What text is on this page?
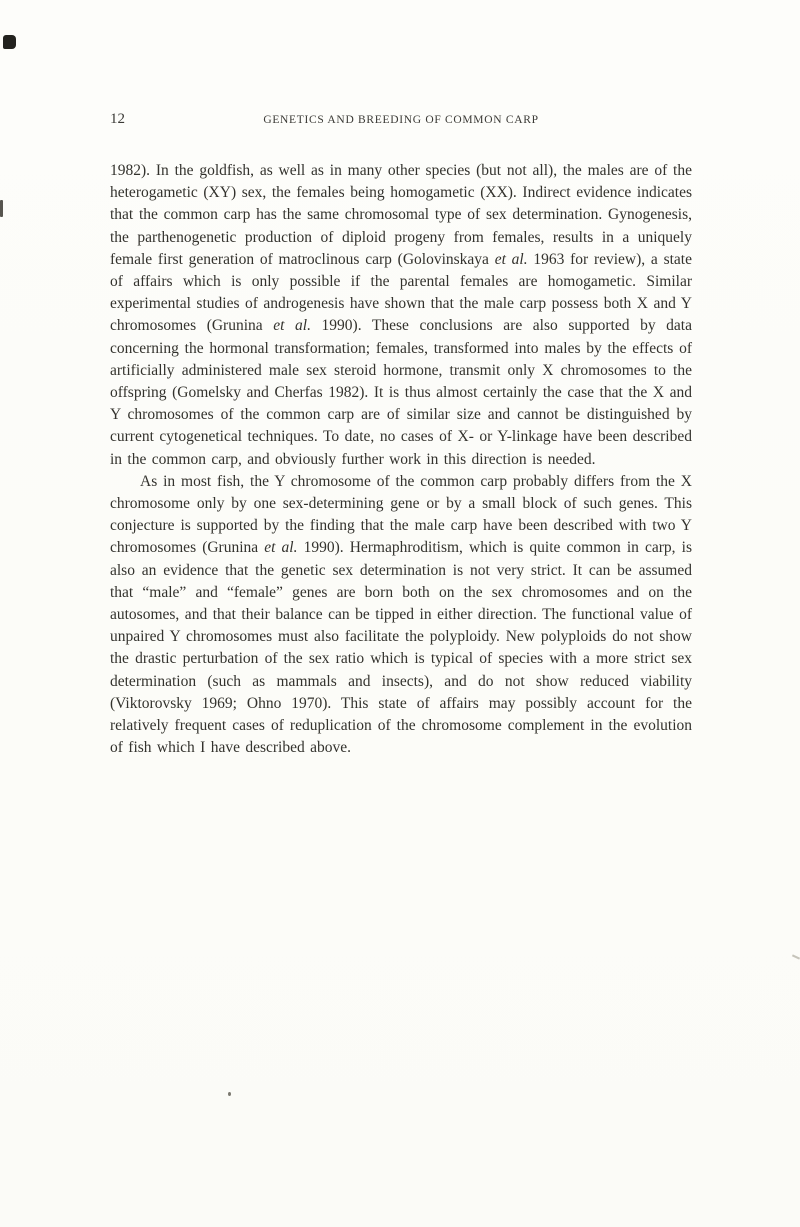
12	GENETICS AND BREEDING OF COMMON CARP

1982). In the goldfish, as well as in many other species (but not all), the males are of the heterogametic (XY) sex, the females being homogametic (XX). Indirect evidence indicates that the common carp has the same chromosomal type of sex determination. Gynogenesis, the parthenogenetic production of diploid progeny from females, results in a uniquely female first generation of matroclinous carp (Golovinskaya et al. 1963 for review), a state of affairs which is only possible if the parental females are homogametic. Similar experimental studies of androgenesis have shown that the male carp possess both X and Y chromosomes (Grunina et al. 1990). These conclusions are also supported by data concerning the hormonal transformation; females, transformed into males by the effects of artificially administered male sex steroid hormone, transmit only X chromosomes to the offspring (Gomelsky and Cherfas 1982). It is thus almost certainly the case that the X and Y chromosomes of the common carp are of similar size and cannot be distinguished by current cytogenetical techniques. To date, no cases of X- or Y-linkage have been described in the common carp, and obviously further work in this direction is needed.

As in most fish, the Y chromosome of the common carp probably differs from the X chromosome only by one sex-determining gene or by a small block of such genes. This conjecture is supported by the finding that the male carp have been described with two Y chromosomes (Grunina et al. 1990). Hermaphroditism, which is quite common in carp, is also an evidence that the genetic sex determination is not very strict. It can be assumed that “male” and “female” genes are born both on the sex chromosomes and on the autosomes, and that their balance can be tipped in either direction. The functional value of unpaired Y chromosomes must also facilitate the polyploidy. New polyploids do not show the drastic perturbation of the sex ratio which is typical of species with a more strict sex determination (such as mammals and insects), and do not show reduced viability (Viktorovsky 1969; Ohno 1970). This state of affairs may possibly account for the relatively frequent cases of reduplication of the chromosome complement in the evolution of fish which I have described above.
